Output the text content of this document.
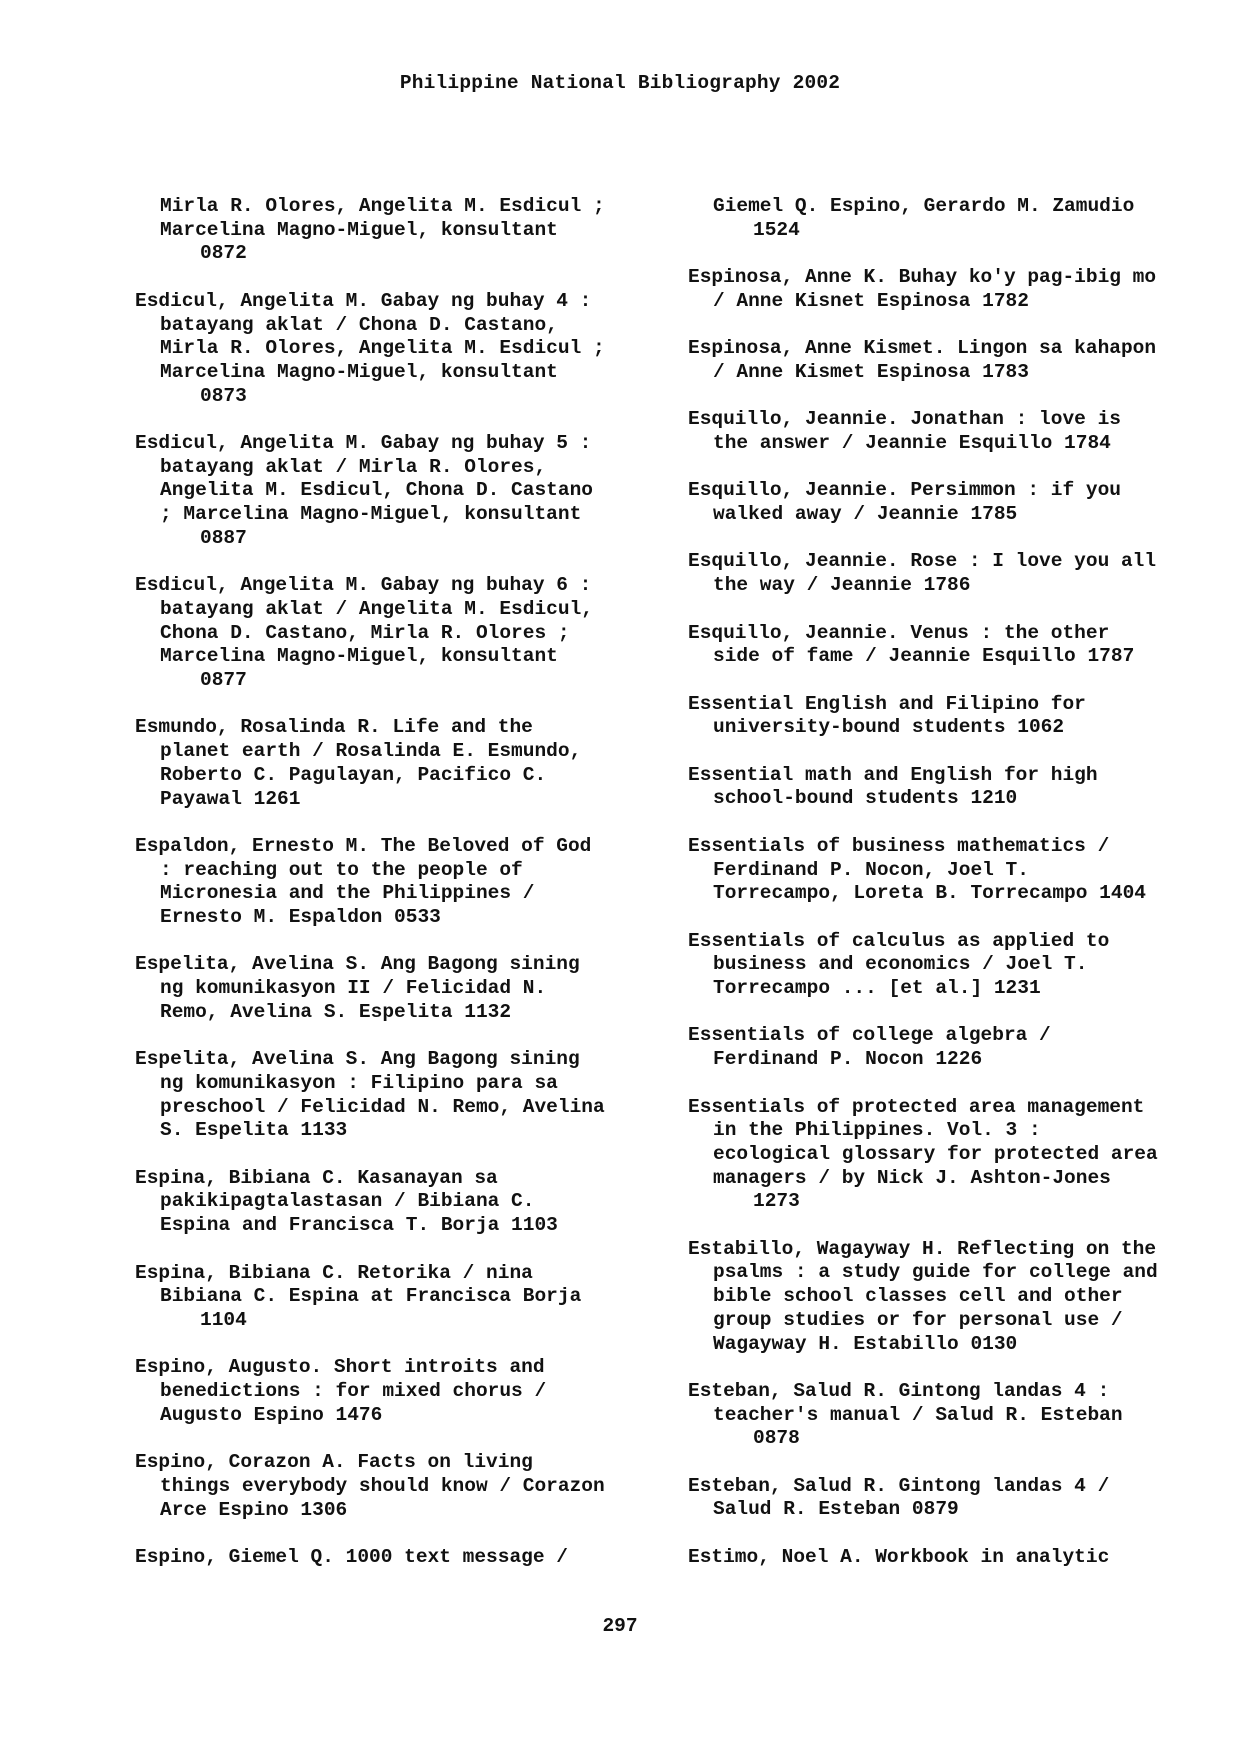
Philippine National Bibliography 2002
Mirla R. Olores, Angelita M. Esdicul ;
Marcelina Magno-Miguel, konsultant
0872
Esdicul, Angelita M. Gabay ng buhay 4 :
batayang aklat / Chona D. Castano,
Mirla R. Olores, Angelita M. Esdicul ;
Marcelina Magno-Miguel, konsultant
0873
Esdicul, Angelita M. Gabay ng buhay 5 :
batayang aklat / Mirla R. Olores,
Angelita M. Esdicul, Chona D. Castano
; Marcelina Magno-Miguel, konsultant
0887
Esdicul, Angelita M. Gabay ng buhay 6 :
batayang aklat / Angelita M. Esdicul,
Chona D. Castano, Mirla R. Olores ;
Marcelina Magno-Miguel, konsultant
0877
Esmundo, Rosalinda R. Life and the
planet earth / Rosalinda E. Esmundo,
Roberto C. Pagulayan, Pacifico C.
Payawal 1261
Espaldon, Ernesto M. The Beloved of God
: reaching out to the people of
Micronesia and the Philippines /
Ernesto M. Espaldon 0533
Espelita, Avelina S. Ang Bagong sining
ng komunikasyon II / Felicidad N.
Remo, Avelina S. Espelita 1132
Espelita, Avelina S. Ang Bagong sining
ng komunikasyon : Filipino para sa
preschool / Felicidad N. Remo, Avelina
S. Espelita 1133
Espina, Bibiana C. Kasanayan sa
pakikipagtalastasan / Bibiana C.
Espina and Francisca T. Borja 1103
Espina, Bibiana C. Retorika / nina
Bibiana C. Espina at Francisca Borja
1104
Espino, Augusto. Short introits and
benedictions : for mixed chorus /
Augusto Espino 1476
Espino, Corazon A. Facts on living
things everybody should know / Corazon
Arce Espino 1306
Espino, Giemel Q. 1000 text message /
Giemel Q. Espino, Gerardo M. Zamudio
1524
Espinosa, Anne K. Buhay ko'y pag-ibig mo
/ Anne Kisnet Espinosa 1782
Espinosa, Anne Kismet. Lingon sa kahapon
/ Anne Kismet Espinosa 1783
Esquillo, Jeannie. Jonathan : love is
the answer / Jeannie Esquillo 1784
Esquillo, Jeannie. Persimmon : if you
walked away / Jeannie 1785
Esquillo, Jeannie. Rose : I love you all
the way / Jeannie 1786
Esquillo, Jeannie. Venus : the other
side of fame / Jeannie Esquillo 1787
Essential English and Filipino for
university-bound students 1062
Essential math and English for high
school-bound students 1210
Essentials of business mathematics /
Ferdinand P. Nocon, Joel T.
Torrecampo, Loreta B. Torrecampo 1404
Essentials of calculus as applied to
business and economics / Joel T.
Torrecampo ... [et al.] 1231
Essentials of college algebra /
Ferdinand P. Nocon 1226
Essentials of protected area management
in the Philippines. Vol. 3 :
ecological glossary for protected area
managers / by Nick J. Ashton-Jones
1273
Estabillo, Wagayway H. Reflecting on the
psalms : a study guide for college and
bible school classes cell and other
group studies or for personal use /
Wagayway H. Estabillo 0130
Esteban, Salud R. Gintong landas 4 :
teacher's manual / Salud R. Esteban
0878
Esteban, Salud R. Gintong landas 4 /
Salud R. Esteban 0879
Estimo, Noel A. Workbook in analytic
297
